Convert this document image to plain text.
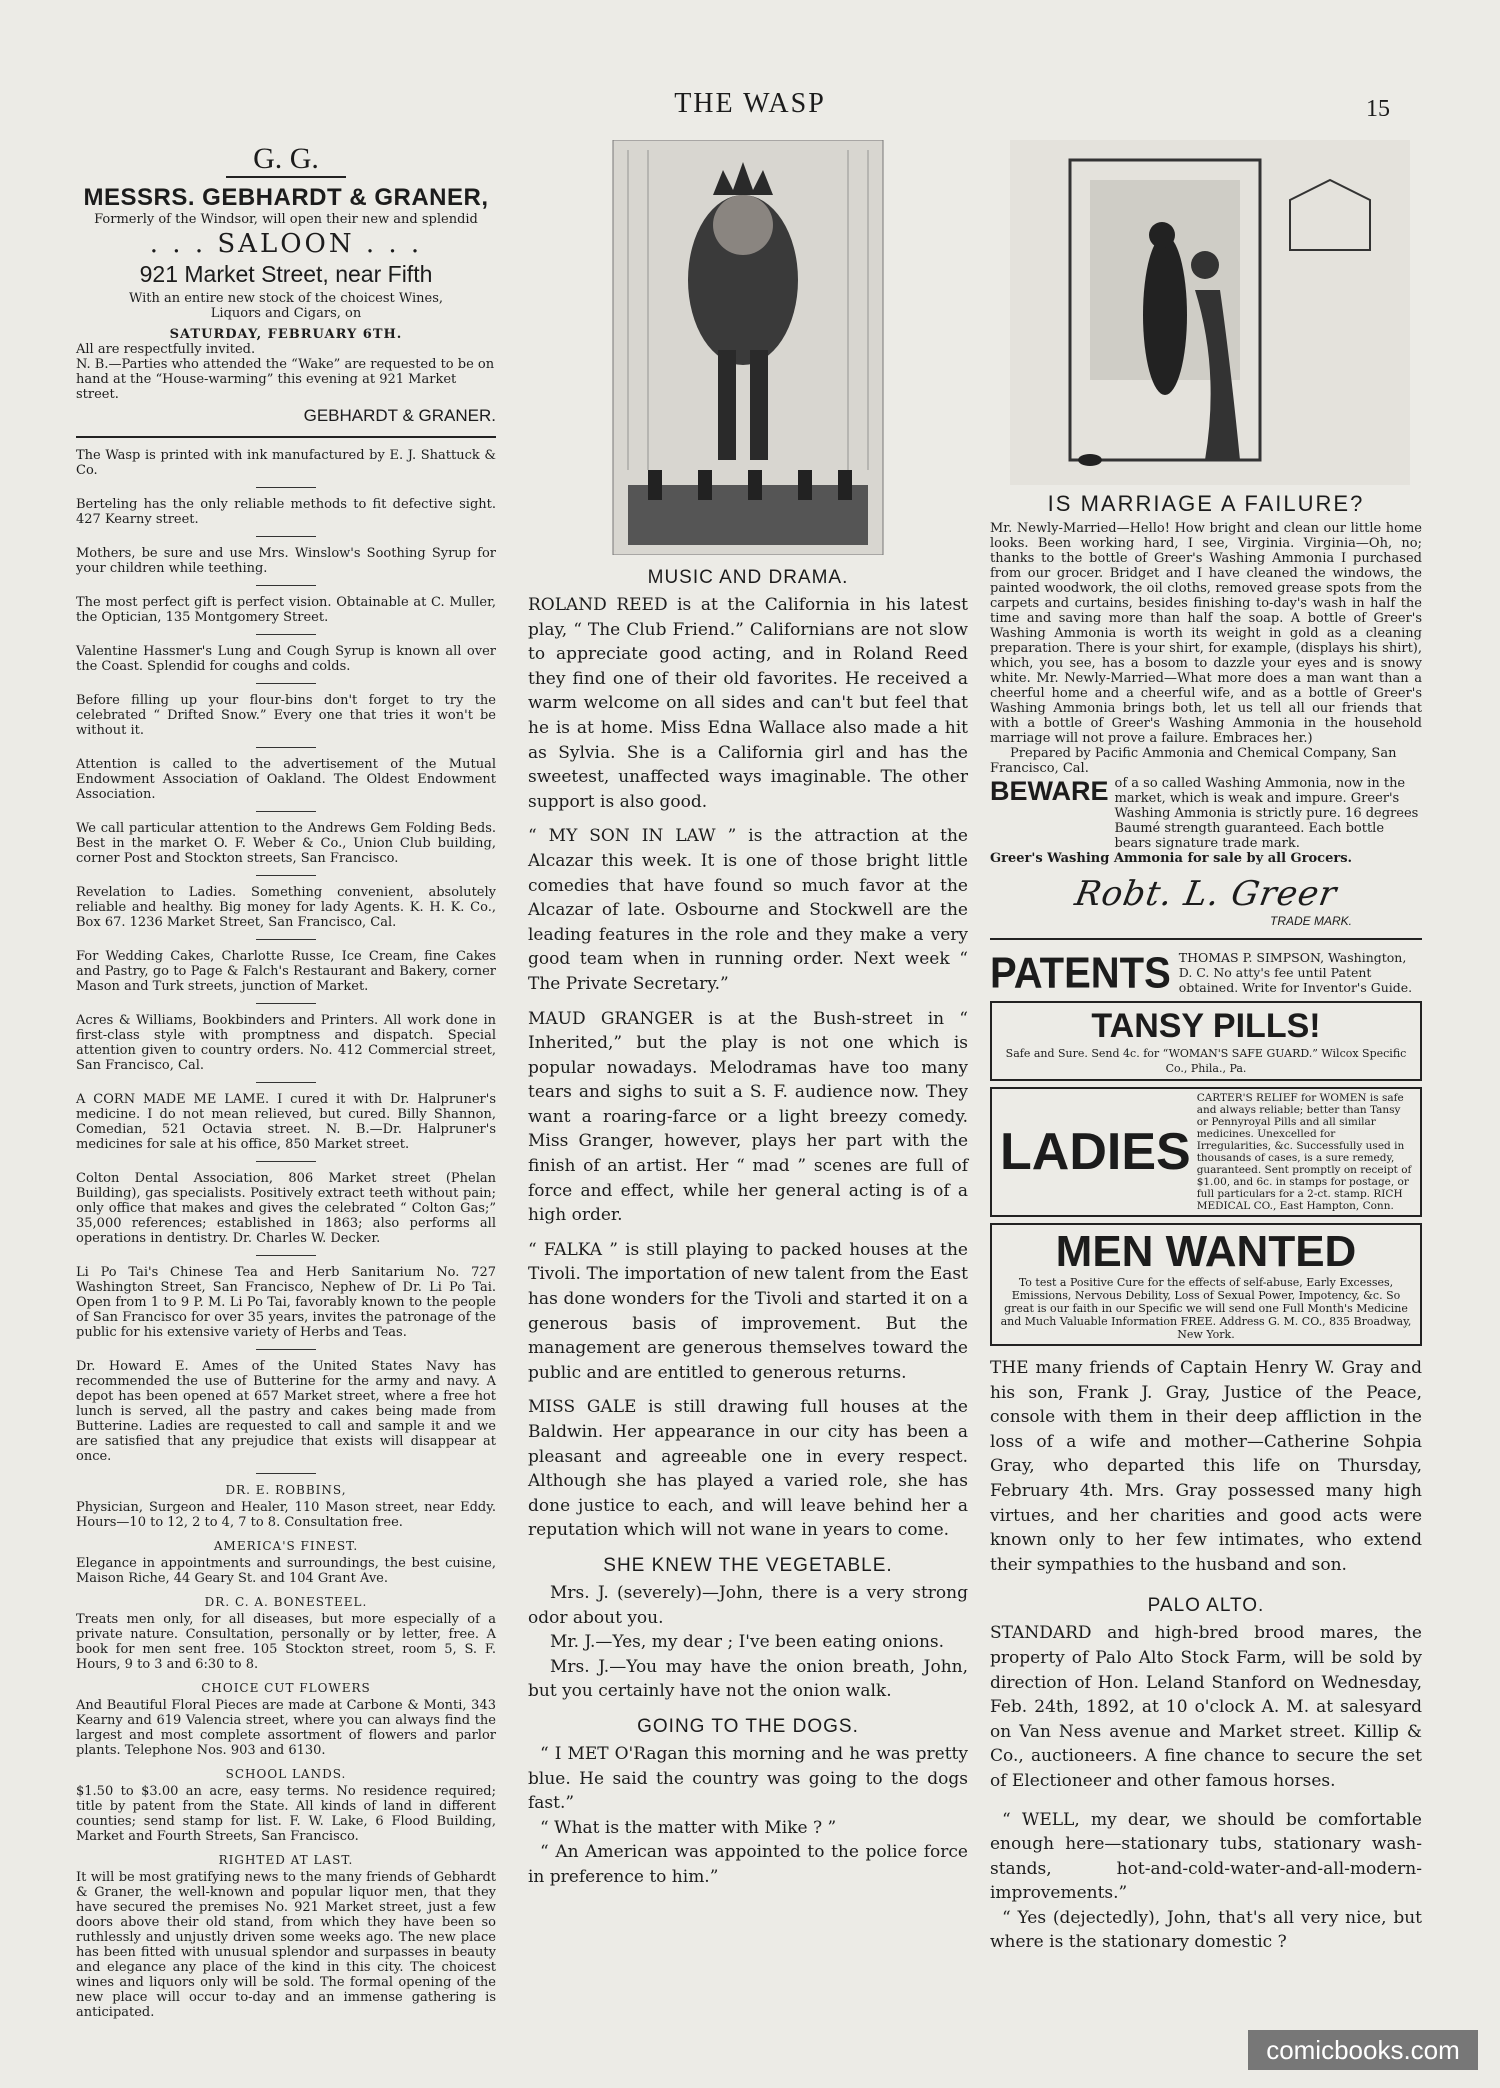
THE WASP	15
G. G.
MESSRS. GEBHARDT & GRANER,

Formerly of the Windsor, will open their new and splendid

. . . SALOON . . .
921 Market Street, near Fifth

With an entire new stock of the choicest Wines, Liquors and Cigars, on

SATURDAY, FEBRUARY 6TH.

All are respectfully invited.

N. B.—Parties who attended the “Wake” are requested to be on hand at the “House-warming” this evening at 921 Market street.

GEBHARDT & GRANER.

The Wasp is printed with ink manufactured by E. J. Shattuck & Co.

Berteling has the only reliable methods to fit defective sight. 427 Kearny street.

Mothers, be sure and use Mrs. Winslow's Soothing Syrup for your children while teething.

The most perfect gift is perfect vision. Obtainable at C. Muller, the Optician, 135 Montgomery Street.

Valentine Hassmer's Lung and Cough Syrup is known all over the Coast. Splendid for coughs and colds.

Before filling up your flour-bins don't forget to try the celebrated “ Drifted Snow.” Every one that tries it won't be without it.

Attention is called to the advertisement of the Mutual Endowment Association of Oakland. The Oldest Endowment Association.

We call particular attention to the Andrews Gem Folding Beds. Best in the market O. F. Weber & Co., Union Club building, corner Post and Stockton streets, San Francisco.

Revelation to Ladies. Something convenient, absolutely reliable and healthy. Big money for lady Agents. K. H. K. Co., Box 67. 1236 Market Street, San Francisco, Cal.

For Wedding Cakes, Charlotte Russe, Ice Cream, fine Cakes and Pastry, go to Page & Falch's Restaurant and Bakery, corner Mason and Turk streets, junction of Market.

Acres & Williams, Bookbinders and Printers. All work done in first-class style with promptness and dispatch. Special attention given to country orders. No. 412 Commercial street, San Francisco, Cal.

A CORN MADE ME LAME. I cured it with Dr. Halpruner's medicine. I do not mean relieved, but cured. Billy Shannon, Comedian, 521 Octavia street. N. B.—Dr. Halpruner's medicines for sale at his office, 850 Market street.

Colton Dental Association, 806 Market street (Phelan Building), gas specialists. Positively extract teeth without pain; only office that makes and gives the celebrated “ Colton Gas;” 35,000 references; established in 1863; also performs all operations in dentistry. Dr. Charles W. Decker.

Li Po Tai's Chinese Tea and Herb Sanitarium No. 727 Washington Street, San Francisco, Nephew of Dr. Li Po Tai. Open from 1 to 9 P. M. Li Po Tai, favorably known to the people of San Francisco for over 35 years, invites the patronage of the public for his extensive variety of Herbs and Teas.

Dr. Howard E. Ames of the United States Navy has recommended the use of Butterine for the army and navy. A depot has been opened at 657 Market street, where a free hot lunch is served, all the pastry and cakes being made from Butterine. Ladies are requested to call and sample it and we are satisfied that any prejudice that exists will disappear at once.

DR. E. ROBBINS,

Physician, Surgeon and Healer, 110 Mason street, near Eddy. Hours—10 to 12, 2 to 4, 7 to 8. Consultation free.

AMERICA'S FINEST.

Elegance in appointments and surroundings, the best cuisine, Maison Riche, 44 Geary St. and 104 Grant Ave.

DR. C. A. BONESTEEL.

Treats men only, for all diseases, but more especially of a private nature. Consultation, personally or by letter, free. A book for men sent free. 105 Stockton street, room 5, S. F. Hours, 9 to 3 and 6:30 to 8.

CHOICE CUT FLOWERS

And Beautiful Floral Pieces are made at Carbone & Monti, 343 Kearny and 619 Valencia street, where you can always find the largest and most complete assortment of flowers and parlor plants. Telephone Nos. 903 and 6130.

SCHOOL LANDS.

$1.50 to $3.00 an acre, easy terms. No residence required; title by patent from the State. All kinds of land in different counties; send stamp for list. F. W. Lake, 6 Flood Building, Market and Fourth Streets, San Francisco.

RIGHTED AT LAST.

It will be most gratifying news to the many friends of Gebhardt & Graner, the well-known and popular liquor men, that they have secured the premises No. 921 Market street, just a few doors above their old stand, from which they have been so ruthlessly and unjustly driven some weeks ago. The new place has been fitted with unusual splendor and surpasses in beauty and elegance any place of the kind in this city. The choicest wines and liquors only will be sold. The formal opening of the new place will occur to-day and an immense gathering is anticipated.

MUSIC AND DRAMA.

ROLAND REED is at the California in his latest play, “ The Club Friend.” Californians are not slow to appreciate good acting, and in Roland Reed they find one of their old favorites. He received a warm welcome on all sides and can't but feel that he is at home. Miss Edna Wallace also made a hit as Sylvia. She is a California girl and has the sweetest, unaffected ways imaginable. The other support is also good.

“ MY SON IN LAW ” is the attraction at the Alcazar this week. It is one of those bright little comedies that have found so much favor at the Alcazar of late. Osbourne and Stockwell are the leading features in the role and they make a very good team when in running order. Next week “ The Private Secretary.”

MAUD GRANGER is at the Bush-street in “ Inherited,” but the play is not one which is popular nowadays. Melodramas have too many tears and sighs to suit a S. F. audience now. They want a roaring-farce or a light breezy comedy. Miss Granger, however, plays her part with the finish of an artist. Her “ mad ” scenes are full of force and effect, while her general acting is of a high order.

“ FALKA ” is still playing to packed houses at the Tivoli. The importation of new talent from the East has done wonders for the Tivoli and started it on a generous basis of improvement. But the management are generous themselves toward the public and are entitled to generous returns.

MISS GALE is still drawing full houses at the Baldwin. Her appearance in our city has been a pleasant and agreeable one in every respect. Although she has played a varied role, she has done justice to each, and will leave behind her a reputation which will not wane in years to come.

SHE KNEW THE VEGETABLE.

Mrs. J. (severely)—John, there is a very strong odor about you.

Mr. J.—Yes, my dear ; I've been eating onions.

Mrs. J.—You may have the onion breath, John, but you certainly have not the onion walk.

GOING TO THE DOGS.

“ I MET O'Ragan this morning and he was pretty blue. He said the country was going to the dogs fast.”

“ What is the matter with Mike ? ”

“ An American was appointed to the police force in preference to him.”

IS MARRIAGE A FAILURE?

Mr. Newly-Married—Hello! How bright and clean our little home looks. Been working hard, I see, Virginia. Virginia—Oh, no; thanks to the bottle of Greer's Washing Ammonia I purchased from our grocer. Bridget and I have cleaned the windows, the painted woodwork, the oil cloths, removed grease spots from the carpets and curtains, besides finishing to-day's wash in half the time and saving more than half the soap. A bottle of Greer's Washing Ammonia is worth its weight in gold as a cleaning preparation. There is your shirt, for example, (displays his shirt), which, you see, has a bosom to dazzle your eyes and is snowy white. Mr. Newly-Married—What more does a man want than a cheerful home and a cheerful wife, and as a bottle of Greer's Washing Ammonia brings both, let us tell all our friends that with a bottle of Greer's Washing Ammonia in the household marriage will not prove a failure. Embraces her.)

Prepared by Pacific Ammonia and Chemical Company, San Francisco, Cal.

BEWARE of a so called Washing Ammonia, now in the market, which is weak and impure. Greer's Washing Ammonia is strictly pure. 16 degrees Baumé strength guaranteed. Each bottle bears signature trade mark.

Greer's Washing Ammonia for sale by all Grocers.

Robt. L. Greer
TRADE MARK.
PATENTS THOMAS P. SIMPSON, Washington, D. C. No atty's fee until Patent obtained. Write for Inventor's Guide.

TANSY PILLS!

Safe and Sure. Send 4c. for “WOMAN'S SAFE GUARD.” Wilcox Specific Co., Phila., Pa.

LADIES

CARTER'S RELIEF for WOMEN is safe and always reliable; better than Tansy or Pennyroyal Pills and all similar medicines. Unexcelled for Irregularities, &c. Successfully used in thousands of cases, is a sure remedy, guaranteed. Sent promptly on receipt of $1.00, and 6c. in stamps for postage, or full particulars for a 2-ct. stamp. RICH MEDICAL CO., East Hampton, Conn.

MEN WANTED

To test a Positive Cure for the effects of self-abuse, Early Excesses, Emissions, Nervous Debility, Loss of Sexual Power, Impotency, &c. So great is our faith in our Specific we will send one Full Month's Medicine and Much Valuable Information FREE. Address G. M. CO., 835 Broadway, New York.

THE many friends of Captain Henry W. Gray and his son, Frank J. Gray, Justice of the Peace, console with them in their deep affliction in the loss of a wife and mother—Catherine Sohpia Gray, who departed this life on Thursday, February 4th. Mrs. Gray possessed many high virtues, and her charities and good acts were known only to her few intimates, who extend their sympathies to the husband and son.

PALO ALTO.

STANDARD and high-bred brood mares, the property of Palo Alto Stock Farm, will be sold by direction of Hon. Leland Stanford on Wednesday, Feb. 24th, 1892, at 10 o'clock A. M. at salesyard on Van Ness avenue and Market street. Killip & Co., auctioneers. A fine chance to secure the set of Electioneer and other famous horses.

“ WELL, my dear, we should be comfortable enough here—stationary tubs, stationary wash-stands, hot-and-cold-water-and-all-modern-improvements.”

“ Yes (dejectedly), John, that's all very nice, but where is the stationary domestic ?

comicbooks.com
